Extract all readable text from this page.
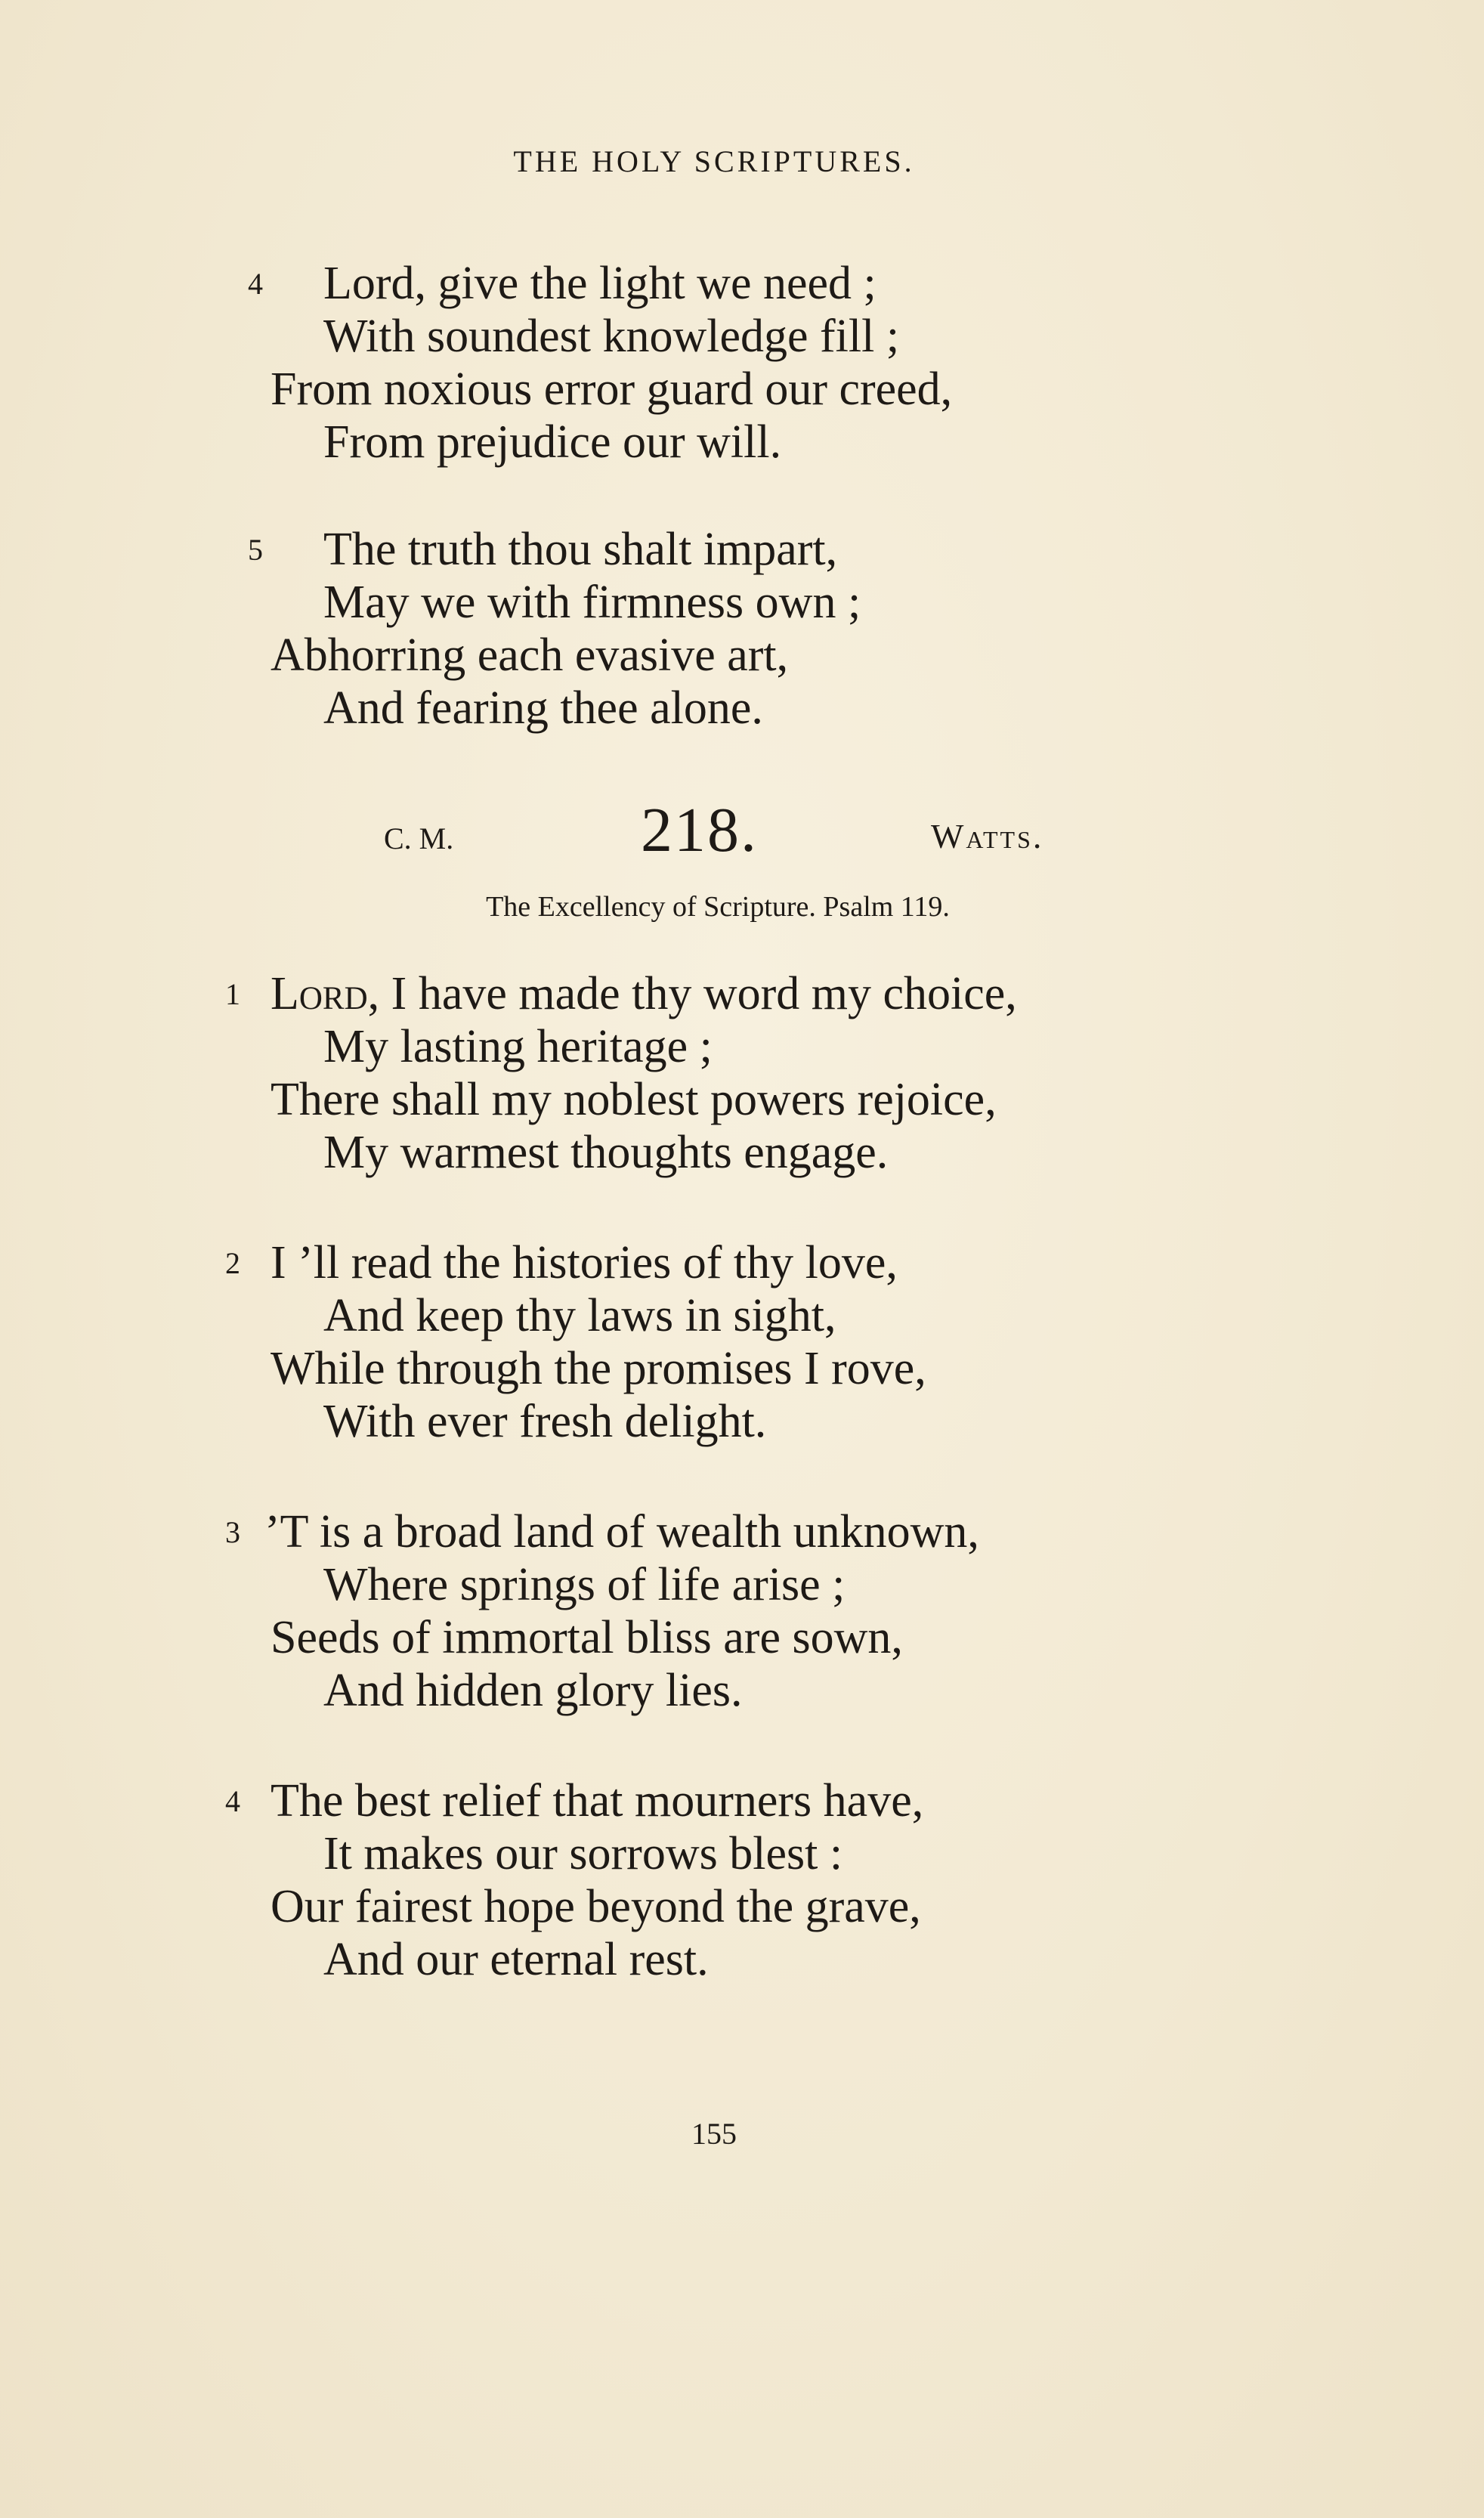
THE HOLY SCRIPTURES.
4 Lord, give the light we need ;
With soundest knowledge fill ;
From noxious error guard our creed,
From prejudice our will.
5 The truth thou shalt impart,
May we with firmness own ;
Abhorring each evasive art,
And fearing thee alone.
C. M.	218.	Watts.
The Excellency of Scripture. Psalm 119.
1 Lord, I have made thy word my choice,
My lasting heritage ;
There shall my noblest powers rejoice,
My warmest thoughts engage.
2 I ’ll read the histories of thy love,
And keep thy laws in sight,
While through the promises I rove,
With ever fresh delight.
3 ’T is a broad land of wealth unknown,
Where springs of life arise ;
Seeds of immortal bliss are sown,
And hidden glory lies.
4 The best relief that mourners have,
It makes our sorrows blest :
Our fairest hope beyond the grave,
And our eternal rest.
155
